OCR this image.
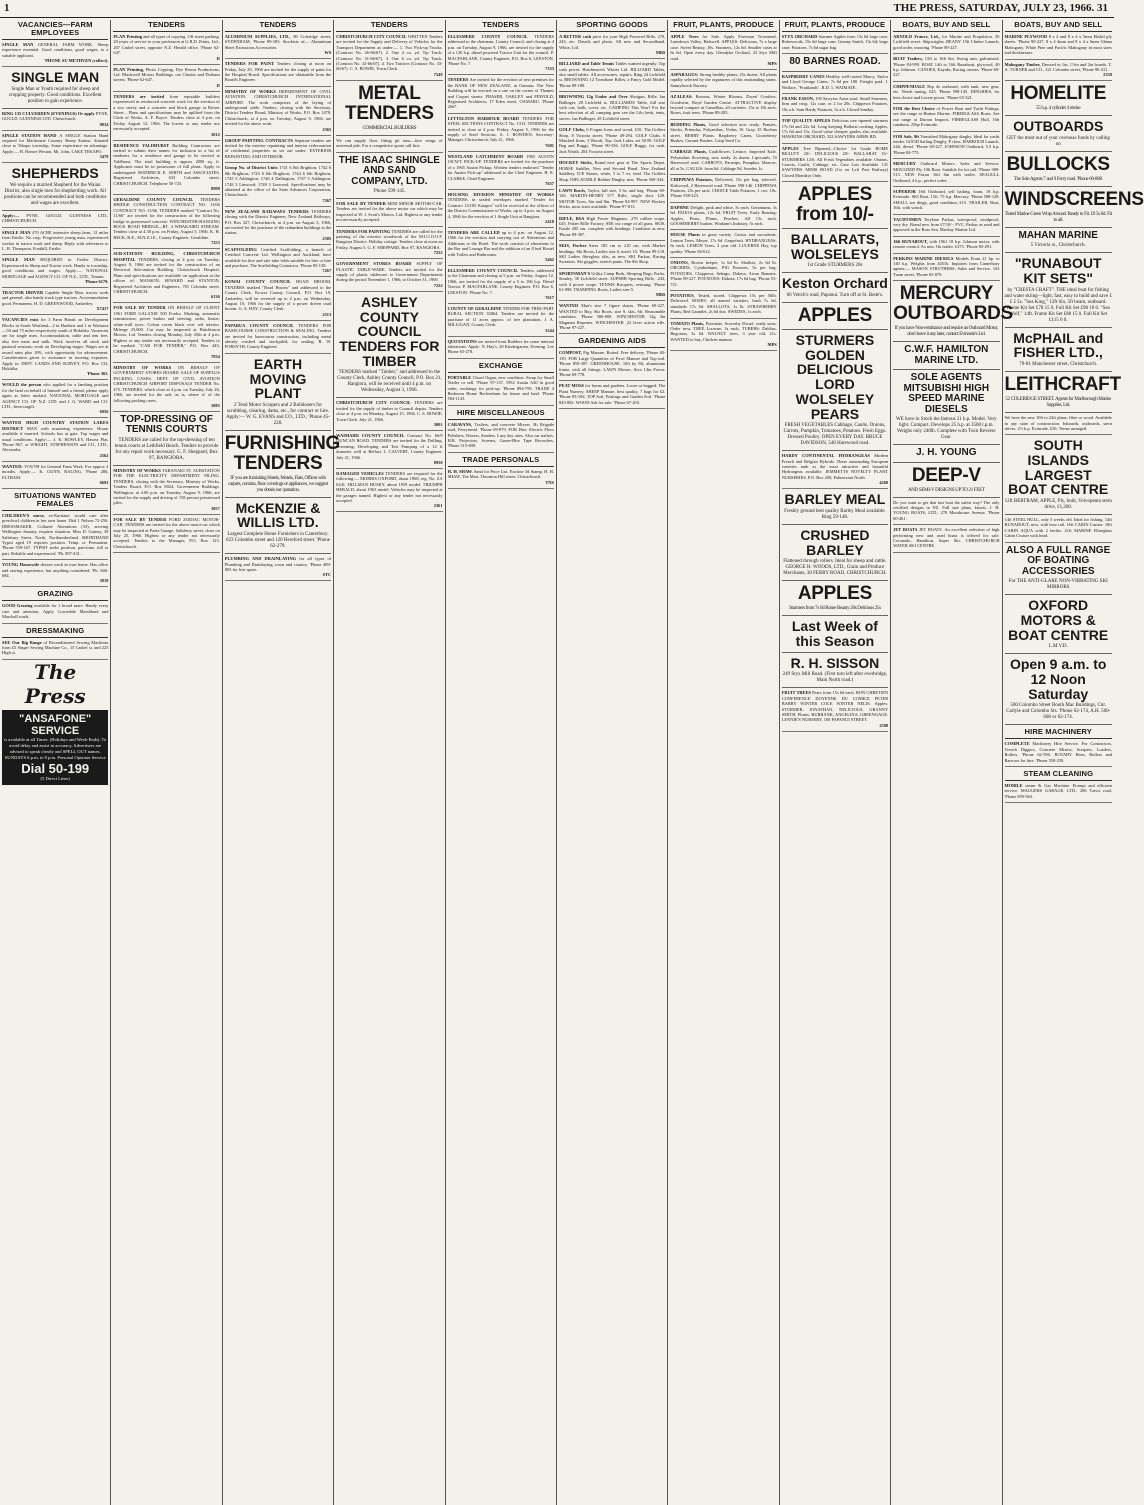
1	THE PRESS, SATURDAY, JULY 23, 1966. 31
VACANCIES—FARM EMPLOYEES

SINGLE MAN GENERAL FARM WORK. Sheep experience essential. Good conditions, good wages, to a suitable applicant.

'PHONE SU METHVEN (collect).
SINGLE MAN
Single Man or Youth required for sheep and cropping property. Good conditions. Excellent position to gain experience.

RING 135 CULVERDEN (EVENINGS) Or apply PYNE, GOULD, GUINNESS LTD. Christchurch.

9034

SINGLE STATION HAND A SINGLE Station Hand required for Mackenzie Country Sheep Station. Situated close to Tekapo township. Some experience an advantage. Apply:— H. Homer Weston, Mt. John, LAKE TEKAPO.

3479
SHEPHERDS
We require a married Shepherd for the Waiau District, also single men for shepherding work. All positions can be recommended and both conditions and wages are excellent.

Apply:— PYNE, GOULD, GUINNESS LTD., CHRISTCHURCH.

SINGLE MAN 470 ACRE intensive sheep farm, 12 miles from Fairlie. No crop. Progressive young man, experienced worker in tractor work and sheep. Reply with references to L. B. Thompson, Fonthill, Fairlie.

SINGLE MAN REQUIRED in Fairlie District. Experienced in Sheep and Tractor work. Handy to township, good conditions and wages. Apply:— NATIONAL MORTGAGE and AGENCY CO. OF N.Z., LTD., Timaru.

'Phone 6179.

TRACTOR DRIVER Capable Single Man, tractor work and general, also handy truck type tractors. Accommodation good. Permanent. H. D. GREENWOOD, Amberley.

X7417

VACANCIES exist for 3 Farm Hands on Development Blocks in South Westland—2 in Haribert and 1 in Waitaroa—50 and 75 miles respectively south of Hokitika. Vacancies are for single men. Accommodation, cable and tent free, also free meat and milk. Work involves all stock and pastoral sessions; work on Developing stages. Wages are at award rates plus 10%, with opportunity for advancement. Consideration given to assistance in moving expenses. Apply to: DEPT. LANDS AND SURVEY, P.O. Box 133, Hokitika.

'Phone 365.

WOULD the person who applied for a lambing position for the land on behalf of himself and a friend, please apply again as letter mislaid. NATIONAL MORTGAGE and AGENCY CO. OF N.Z. LTD. and J. G. WARD and CO. LTD., Invercargill.

6956

WANTED HIGH COUNTRY STATION LAKES DISTRICT MAN with mustering experience. House available if married. Schools bus at gate. Top wages and usual conditions. Apply:— J. K. ROWLEY, Hawea Flat, 'Phone 867, or WRIGHT, STEPHENSON and CO., LTD., Alexandra.

2562

WANTED: YOUTH for General Farm Work. For approx 3 months. Apply:— K. GUNN, RALING, 'Phone 286, ELTHAM.

6692
SITUATIONS WANTED FEMALES

CHILDREN'S nurse, ex-Karitane, would care after preschool children in her own home. Dial 1 Nelson 72-256. DRESSMAKER, Collared Alterations (33), arriving Wellington January, requires situation. Miss D. Gurney, 38 Salisbury Street, North, Northumberland. SHORTHAND Typist aged 19 requires position. Temp. or Permanent. 'Phone 559-167. TYPIST seeks position, part-time, full or part. Reliable and experienced. 'Ph. 897-431.

YOUNG Housewife desires work in own home. Has office and sewing experience, but anything considered. 'Ph. 846-684.

3818
GRAZING

GOOD Grazing available for 1 brood mare. Handy every care and attention. Apply Corriedale Marshland and Marchall roads.

DRESSMAKING

SEE Our Big Range of Reconditioned Sewing Machines from £5 Singer Sewing Machine Co., 15 Cashel st. and 225 High st.

The Press
"ANSAFONE" SERVICE
is available at all Times. (Holidays and Week-Ends). To avoid delay and assist in accuracy, Advertisers are advised to speak clearly and SPELL OUT names. SUNDAYS 6 p.m. to 9 p.m. Personal Operator Service
Dial 50-199
(5 Direct Lines)
TENDERS

PLAN Printing and all types of copying. Off street parking. 20 years of service to your profession at G.B.D. Prints, Ltd., 267 Cashel street, opposite N.Z. Herald office. 'Phone 62-647.

D

PLAN Printing, Photo Copying, Dye Reson Productions, Ltd. Blackwell Motors Buildings, cnr Chester and Durham streets. 'Phone 62-647.

D

TENDERS are invited from reputable builders experienced in reinforced concrete work for the erection of a two storey and a concrete and block garage at Bower Street... Plans and specifications may be uplifted from the Clerk of Works, A. F. Boyce. Tenders close at 4 p.m. on Friday, August 12, 1966. The lowest or any tender not necessarily accepted.

3012

RESIDENCE YALDHURST Building Contractors are invited to submit their names for inclusion in a list of tenderers for a residence and garage to be erected at Yaldhurst. The total building is approx 2000 sq. ft. Applicants must be in possession of full plans. Apply to undersigned: RODERICK E. SMITH and ASSOCIATES, Registered Architects, 633 Colombo street, CHRISTCHURCH. Telephone 50-725.

8998

GERALDINE COUNTY COUNCIL TENDERS BRIDGE CONSTRUCTION CONTRACT NO. 11/66 CONTRACT NO. 11/66. TENDERS marked "Contract No. 11/66" are invited for the construction of the following bridge in prestressed concrete: WINCHESTER-HANGING ROCK ROAD BRIDGE—RT. 4 WHAKAIRO STREAM. Tenders close at 4.30 p.m. on Friday, August 5, 1966. K. H. BECK, B.E., M.N.Z.I.E., County Engineer, Geraldine.

7253

SUB-STATION BUILDING, CHRISTCHURCH HOSPITAL TENDERS, closing at 4 p.m. on Tuesday, August 9, 1966 are invited for the construction of an Electrical Sub-station Building, Christchurch Hospital. Plans and specifications are available on application at the offices of: MANSON, SEWARD and STANTON, Registered Architects and Engineers, 701 Colombo street, CHRISTCHURCH.

6136

FOR SALE BY TENDER ON BEHALF OF CLIENT 1961 FORD GALAXIE 500 Fordor. Marking, automatic transmission, power brakes and steering, radio, heater, white-wall tyres. Colour raven black over red interior. Mileage 25,000. Car may be inspected at Hutchinson Motors, Ltd. Tenders closing Monday, July 25th at 4 p.m. Highest or any tender not necessarily accepted. Tenders to be marked: "CAR FOR TENDER," P.O. Box 445, CHRISTCHURCH.

7834

MINISTRY OF WORKS ON BEHALF OF GOVERNMENT STORES BOARD. SALE OF SURPLUS PACKING CASES. DEPT. OF CIVIL AVIATION CHRISTCHURCH AIRPORT DISPOSALS TENDER No. 475. TENDERS, which close at 4 p.m. on Tuesday, July 26, 1966, are invited for the sale 'as is, where is' of the following packing cases.

3085
TOP-DRESSING OF TENNIS COURTS
TENDERS are called for the top-dressing of ten tennis courts at Lethfield Beach. Tenders to provide for any repair work necessary. G. F. Sheppard, Box 97, BANGIORA.

MINISTRY OF WORKS TARANAKI ST. SUBSTATION FOR THE ELECTRICITY DEPARTMENT PILING. TENDERS, closing with the Secretary, Ministry of Works, Tenders Board, P.O. Box 8024, Government Buildings, Wellington, at 4.00 p.m. on Tuesday, August 9, 1966, are invited for the supply and driving of 158 precast prestressed piles.

3057

FOR SALE BY TENDER FORD ZODIAC MOTOR-CAR. TENDERS are invited for the above motor-car which may be inspected at Parks Garage, Salisbury street, close on July 25, 1966. Highest or any tender not necessarily accepted. Tenders to the Manager, P.O. Box 123, Christchurch.

TENDERS

ALUMINIUM SUPPLIES, LTD., 80 Coleridge street, SYDENHAM, 'Phone 89-183. Stockists of— Aluminium Sheet Extrusions Accessories.

WS

TENDERS FOR PAINT Tenders closing at noon on Friday, July 29, 1966 are invited for the supply of paint for the Hospital Board. Specifications are obtainable from the Board's Engineer.

MINISTRY OF WORKS DEPARTMENT OF CIVIL AVIATION. CHRISTCHURCH INTERNATIONAL AIRPORT. The work comprises of the laying of underground cable. Tenders, closing with the Secretary, District Tenders Board, Ministry of Works, P.O. Box 1479, Christchurch, at 4 p.m. on Tuesday, August 9, 1966, are invited for the above work.

2565

GROUP PAINTING CONTRACTS Separate tenders are invited for the exterior repainting and interior redecoration of residential properties as set out under: EXTERIOR REPAINTING AND INTERIOR.

Group No. of District Units 1741 6 8th Brighton; 1742 6 8th Brighton; 1743 6 6th Brighton; 1744 6 6th Brighton; 1745 5 Addington; 1746 4 Dallington; 1747 5 Addington; 1748 3 Linwood; 1749 3 Linwood. Specifications may be obtained at the office of the State Advances Corporation, Christchurch.

7267

NEW ZEALAND RAILWAYS TENDERS TENDERS closing with the District Engineer, New Zealand Railways, P.O. Box 327, Christchurch, at 4 p.m. on August 3, 1966, are invited for the purchase of the redundant buildings at the station.

2505

SCAFFOLDING Certified Scaffolding, a branch of Certified Concrete Ltd. Wellington and Auckland, have available for hire and sale tube folds suitable for hire or hire and purchase. The Scaffolding Contractor. 'Phone 85-138.

7267

KOWAI COUNTY COUNCIL ROAD BROOM. TENDERS marked "Road Broom" and addressed to the County Clerk, Kowai County Council, P.O. Box 19, Amberley, will be received up to 4 p.m. on Wednesday, August 10, 1966 for the supply of a power driven road broom. G. A. HAY, County Clerk.

2513

PAPARUA COUNTY COUNCIL TENDERS FOR BASECOURSE CONSTRUCTION & SEALING. Tenders are invited for basecourse construction, including metal already crushed and stockpiled, for sealing. R. W. FORSYTH, County Engineer.

EARTH MOVING PLANT
2 Tend Motor Scrapers and 2 Bulldozers for scrubbing, clearing, dams, etc., for contract or hire. Apply:— W. G. EVANS and CO., LTD., 'Phone 45-228.
FURNISHING TENDERS
IF you are furnishing Hotels, Motels, Flats, Offices with carpets, curtains, floor coverings or appliances, we suggest you obtain our quotation.
McKENZIE & WILLIS LTD.
Largest Complete Home Furnishers in Canterbury. 623 Colombo street and 120 Hereford street. 'Phone 62-279.

PLUMBING AND DRAINLAYING for all types of Plumbing and Drainlaying, town and country. 'Phone 489-803 for free quote.

STC
TENDERS

CHRISTCHURCH CITY COUNCIL WRITTEN Tenders are invited for the Supply and Delivery of Vehicles for the Transport Department as under:— 1. Two Pick-up Trucks. (Contract No. 26-66/67). 2. One 4 cu. yd. Tip Truck. (Contract No. 31-66/67). 3. One 6 cu. yd. Tip Truck. (Contract No. 32-66/67). 4. Two Tractors (Contract No. 33-66/67). C. S. BOWIE, Town Clerk.

7549
METAL TENDERS
COMMERCIAL BUILDERS

We can supply floor fitting pit runs—face wings of universal pile. For a competitive quote call first.

THE ISAAC SHINGLE AND SAND COMPANY, LTD.
'Phone 599-145.

FOR SALE BY TENDER MINI MINOR MOTOR-CAR. Tenders are invited for the above motor car which may be inspected at W. J. Scott's Motors, Ltd. Highest or any tender not necessarily accepted.

TENDERS FOR PAINTING TENDERS are called for the painting of the exterior woodwork of the M.U.I.O.O.F. Rangiora District. Holiday cottage. Tenders close at noon on Friday, August 5. G. F. SHEPPARD, Box 97, RANGIORA.

7252

GOVERNMENT STORES BOARD SUPPLY OF PLASTIC TABLE-WARE. Tenders are invited for the supply of plastic tableware to Government Departments during the period November 1, 1966, to October 31, 1969.

7252
ASHLEY COUNTY COUNCIL TENDERS FOR TIMBER
TENDERS marked "Timber," and addressed to the County Clerk, Ashley County Council, P.O. Box 21, Rangiora, will be received until 4 p.m. on Wednesday, August 3, 1966.

CHRISTCHURCH CITY COUNCIL TENDERS are invited for the supply of timber to Council depots. Tenders close at 4 p.m. on Monday, August 15, 1966. C. S. BOWIE, Town Clerk. July 21, 1966.

3001

WAIMAIRI COUNTY COUNCIL Contract No. 66/9 DUNCAN ROAD. TENDERS are invited for the Drilling, Screening, Developing and Test Pumping of a 12 ft diameter well at Belfast. I. CALVERT, County Engineer. July 21, 1966.

8950

DAMAGED VEHICLES TENDERS are required for the following:— MORRIS OXFORD, about 1960, reg. No. ZA 6241. HILLMAN HUSKY, about 1959 model. TRIUMPH HERALD, about 1963 model. Vehicles may be inspected at the garages named. Highest or any tender not necessarily accepted.

2361
TENDERS

ELLESMERE COUNTY COUNCIL TENDERS addressed to the chairman, County Council, and closing at 4 p.m. on Tuesday, August 9, 1966, are invited for the supply of a 120 h.p. diesel powered Tractor Unit for the council. P. MACFARLANE, County Engineer, P.O. Box 6, LEESTON. 'Phone No. 7.

7353

TENDERS Are invited for the erection of new premises for the BANK OF NEW ZEALAND, in Oamaru. The New Building will be erected on a site on the corner of Thames and Coquet streets. FRASER, OAKLEY and PINFOLD, Registered Architects, 17 Eden street, OAMARU. 'Phone 2667.

LYTTELTON HARBOUR BOARD TENDERS FOR STEEL SECTIONS CONTRACT No. 1313. TENDERS are invited to close at 4 p.m. Friday, August 5, 1966 for the supply of Steel Sections. A. J. BOWDEN, Secretary-Manager. Christchurch, July 21, 1966.

7601

WESTLAND CATCHMENT BOARD 1965 AUSTIN 10CWT. PICK-UP. TENDERS are invited for the purchase of a 1965 Austin Pickup. Written tenders endorsed "Tender for Austin Pick-up" addressed to the Chief Engineer. H. E. CLARKE, Chief Engineer.

7657

HOUSING DIVISION MINISTRY OF WORKS TENDERS, in sealed envelopes marked "Tender for Contract 13/185 Kaiapoi" will be received at the offices of the District Commissioner of Works, up to 4 p.m. on August 4, 1966 for the erection of 1 Single Unit at Rangiora.

2418

TENDERS ARE CALLED up to 4 p.m. on August 12, 1966 for the erection and carrying out of Alterations and Additions to the Hotel. The work consists of alterations to the Bar and Lounge Bar and the addition of an 8 bed Hostel with Toilets and Bathrooms.

5462

ELLESMERE COUNTY COUNCIL Tenders, addressed to the Chairman and closing at 5 p.m. on Friday, August 12, 1966, are invited for the supply of a 5 to 106 h.p. Diesel Tractor. P. MACFARLANE, County Engineer, P.O. Box 6, LEESTON. 'Phone No. 7.

7617

COUNTY OF GERALDINE TENDER FOR TREE-PART RURAL SECTION 33064. Tenders are invited for the purchase of 11 acres approx. of tree plantation. J. A. MILLIGAN, County Clerk.

3344

QUOTATIONS are invited from Builders for some internal alterations. Apply: N. Hay's, 20 Kindergarten, Evening. Lee Phone 65-278.

EXCHANGE

PORTABLE Chord Organ, new condition. Swap for Small Trailer or sell. 'Phone 97-137. 1952 Austin A40 in good order, exchange for pick-up. 'Phone 894-799. TRADE 4 Bedroom Home Beckenham for house and land. 'Phone 584-1125.

HIRE MISCELLANEOUS

CARAVANS, Trailers, and concrete Mixers. Hi Brigade road, Ferrymead. 'Phone 69-879. FOR Hire. Electric Floor Polishers, Waxers, Sanders. Lazy day rates. Also car trailers. H.R. Projectors, Screens, Gruen-Hire Tape Recorders. 'Phone 515-698.

TRADE PERSONALS

H. H. SHAW. Sand for Price List. Enclose 3d Stamp. H. H. SHAW, The Mart, Thornton Hill street, Christchurch.

TNS
SPORTING GOODS

A BETTER cash price for your High Powered Rifle, 270, 243, etc. Details and photo. All new and Secondhand. White, Ltd.

MBS

BILLIARD and Table Tennis Tables wanted urgently. Top cash prices. Hutchinson's Winter Ltd. BILLIARD Tables, also small tables. All accessories, repairs. Ring 24 Lichfield st. BROWNING 12 Trombone Rifles, a Fancy Gold Model. 'Phone 89-188.

BROWNING 12g Under and Over Shotgun, Rifle, Ian Ballinger, 28 Lichfield st. BULLIARDS Table, full size with cue, balls, cover, etc. CAMPING This Year? For the best selection of all camping gear see the Lilo beds, tents, stoves. Ian Ballinger, 28 Lichfield street.

GOLF Clubs, 6 Forgan Irons and wood, £10. The Golfers Shop, 8 Victoria street. 'Phone 49-294. GOLF Clubs, 6 Matched Irons, 3 Woods. Top. Jack Laker, set 50.99. GOLF Bag and Buggy, 'Phone 90-356. GOLF Buggy, for cash. Jack Walsh, 204 Victoria street.

HOCKEY Sticks, Brand new gear at The Sports Depot. HORSE Saddles, New and Second Hand. New Zealand Saddlery. ICE Skates, white, 5 to 7 ex. tend. The Golfers Shop. INFLATABLE Rubber Dinghy, new. 'Phone 569-344.

LAWN Bowls, Taylor, full size, 3 6s. and bag. 'Phone 69-126. MARTIN-HENRY 577 Rifle, single shot, £20. MOTOR Tyres, 6in and 8in. 'Phone 84-997. NEW Hockey Sticks, most sizes available. 'Phone 97-813.

RIFLE, BSA High Power Magnum, .270 calibre scope. £45. Fisher Rifle Factory. SEE our range of all guns. SKIS, Kastle 205 cm, complete with bindings. Condition as new. 'Phone 89-387.

SKIS, Fischer Sizes 185 cm to 210 cm, with Marker bindings. Ski Boots, Ladies size 6, men's 10. 'Phone 89-118. SKI Ladies fibreglass skis, as new. SKI Parkas, Racing Sweaters. Ski goggles, stretch pants. The Ski Shop.

SPORTSMAN'S Utility Camp Beds, Sleeping Bags, Packs. Stanley, 38 Lichfield street. SUPERB Sporting Rifle, .243, with 4 power scope. TENNIS Racquets, restrung. 'Phone 61-098. TRAMPING Boots, Ladies size 5.

MBS

WANTED Man's size 7 figure skates. 'Phone 69-227. WANTED to Buy, Ski Boots, size 9, skis, 6ft. Reasonable condition. 'Phone 586-008. WINCHESTER 12g 3in Magnum Repeater. WINCHESTER .22 lever action rifle. 'Phone 97-227.

GARDENING AIDS

COMPOST, Pig Manure. Rotted. Free delivery. 'Phone 40-139. FOR Large Quantities of Fowl Manure and Top-soil. 'Phone 859-387. GREENHOUSE, 10ft by 8ft, aluminium frame, with all fittings. LAWN Mower, Atco 14in Power. 'Phone 69-778.

PEAT MOSS for lawns and gardens. Loose or bagged. The Plant Nursery. SHEEP Manure, best quality, 7 bags for £2. 'Phone 83-184. TOP Soil, Pealings and Garden Soil. 'Phone 845-882. WOOD Ash for sale. 'Phone 67-203.

FRUIT, PLANTS, PRODUCE

APPLE Trees for Sale. Apply Foreman Townsend, Lansdown Valley, Halswell. APPLES: Delicious, 7s a large case. Sweet Beauty, 10s. Sturmers, 12s 6d. Smaller cases at 6s 6d. Open every day. Glendyke Orchard, 23 Styx Mill road.

MPS

ASPARAGUS: Strong healthy plants, 25s dozen. All plants rapidly selected by the organizers of this outstanding strain. Sunnybrook Nursery.

AZALEAS: Brooms, Winter Blooms, Dwarf Conifers. Goodwins, Boyd Garden Centre. ATTRACTIVE display beyond compare in Camellias, all varieties. 15s to 18s each. Roses, fruit trees. 'Phone 89-283.

BEDDING Plants, Good selection now ready. Pansies, Stocks, Primulas, Polyanthus, Violas. W. Gray, 25 Buchan street. BERRY Plants. Raspberry Canes, Gooseberry Bushes, Currant Bushes. Crisp Seed Co.

CABBAGE Plants, Cauliflower, Lettuce, Imported Kale. Polyanthus flowering, now ready. 2s dozen. Lipscomb, 74 Harewood road. CARROTS, Parsnips, Pumpkin, Marrow, all at 5s. CAULIS: from 6d. Cabbage 9d, Swedes 1s.

CHIPPEWA Potatoes, Delivered, 15s per bag, selected. Kirkwood, 2 Harewood road. 'Phone 598-146. CHIPPEWA Potatoes, 25s per sack. CHOICE Table Potatoes, 1 cwt. 18s. 'Phone 558-223.

DAPHNE Delight, pink and white, 5s each. Geraniums, 3s 6d. FEIJOA plants, 12s 6d. FRUIT Trees, Early Bearing: Apples, Pears, Plums, Peaches. All 15s each. GOOSEBERRY bushes, Winham's Industry, 5s each.

HOUSE Plants in great variety. Cactus and succulents. Lemon Trees, Meyer, 17s 6d. Grapefruit. HYDRANGEAS, 6s each. LEMON Trees, 2 year old. LUCERNE Hay, top quality. 'Phone 84-612.

ONIONS, Brown keeper, 1s 6d lb. Shallots, 2s 6d lb. ORCHIDS, Cymbidiums. PIG Potatoes, 5s per bag. POTATOES, Chippewa, Sebago, Dakota, Arran Banners. 'Phone 89-227. POTATOES: Dakota, 17s 6d bag. 'Phone 53-721.

POTATOES, Tested, stored. Chippewa 15s per 56lb. Delivered. ROSES: all named varieties, bush 7s 6d, standards 17s 6d. SHALLOTS, 1s lb. STRAWBERRY Plants, Red Gauntlet, 2s 6d doz. SWEDES, 1s each.

TOMATO Plants, Potentate, Scoresby Dwarf, ready soon. Order now. TREE Lucerne, 3s each. TUBERS: Dahlias, Begonias, 3s 6d. WALNUT trees, 3 year old, 21s. WANTED to buy, Chicken manure.

MPS
FRUIT, PLANTS, PRODUCE

STYX ORCHARD Sturmer Apples from 13s 6d large case; Rokewoods, 15s 6d large case; Granny Smith, 13s 6d; large case; Potatoes, 7s 6d sugar bag.

80 BARNES ROAD.

RASPBERRY CANES Healthy well rooted Marcy, Taylor and Lloyd George Canes. 7s 6d per 100. Freight paid. J. Wallace, "Fruitlands", R.D. 1, WAIMATE.

FRANK ESSON, 190 Sawyers Arms road. Small Sturmers, firm and crisp, 12s case, or 2 for 20s. Chippewa Potatoes, 10s a.b. Sam Hardy Potatoes, 5s a.b. Closed Sunday.

TOP QUALITY APPLES Delicious tree ripened sturmers 17s 6d and 22s 6d. Long keeping Ballarat cooking Apples, 17s 6d and 15s. Good value cheaper grades also available. HAWKINS ORCHARD, 322 SAWYERS ARMS RD.

APPLES Tree Ripened—Choice 1st Grade ROME BEAUTY 20/- DELICIOUS 20/- BALLARAT 15/- STURMERS 12/6. All Fresh Vegetables available. Onions, Carrots, Caulis, Cabbage, etc. Case Lots Available. 131 SAWYERS ARMS ROAD (1st on Left Past Railway) Closed Mondays Only.

APPLES from 10/-
BALLARATS, WOLSELEYS
1st Grade STURMERS 20s
Keston Orchard
66 Veitch's road, Papanui. Turn off at St. Bede's.
APPLES
STURMERS GOLDEN DELICIOUS LORD WOLSELEY PEARS
FRESH VEGETABLES Cabbage, Caulis, Onions, Carrots, Pumpkin, Tomatoes, Potatoes. Fresh Eggs. Dressed Poultry. OPEN EVERY DAY. BRUCE DAVIDSON, 540 Harewood road.

HARDY CONTINENTAL HYDRANGEAS Modern French and Belgian Hybrids. These outstanding European varieties rank as the most attractive and beautiful Hydrangeas available. JEMMETTS NOVELTY PLANT NURSERIES, P.O. Box 208, Palmerston North.

4268
BARLEY MEAL
Freshly ground best quality Barley Meal available. Ring 59-148.
CRUSHED BARLEY
Flattened through rollers. Ideal for sheep and cattle. GEORGE H. WOODS, LTD., Grain and Produce Merchants, 30 FERRY ROAD, CHRISTCHURCH.
APPLES
Sturmers from 7s 6d Rome Beauty 20s Delicious 25s
Last Week of this Season
R. H. SISSON
249 Styx Mill Road. (First turn left after overbridge, Main North road.)

FRUIT TREES Pears from 15s 6d each. BON CHRETIEN CONFERENCE DOYENNE DU COMICE PETER BARRY WINTER COLE WINTER NELIS. Apples: STURMER, JONATHAN, DELICIOUS, GRANNY SMITH. Plums: BURBANK, ANGELINA, GREENGAGE. LENNIE'S NURSERY, 100 PAPANUI STREET.

2508
BOATS, BUY AND SELL

ARNOLD France, Ltd., for Marine and Propulsion. 50 Lichfield street. Shipwrights. BEANY 15ft Clinker Launch, good order, mooring. 'Phone 89-227.

BOAT Trailers, 15ft to 16ft 6in. Swing arm, galvanised. 'Phone 84-999. BOAT 14ft to 16ft Runabout, plywood, 40 h.p. Johnson. CANOES, Kayaks, Racing canoes. 'Phone 69-227.

CHIPPENDALE 8hp 4s outboard, with tank, new gear, etc. Needs tuning, £25. 'Phone 598-145. DINGHIES, for best choice and lowest prices. 'Phone 65-321.

FOR the Best Choice of Power Boat and Yacht Fittings, see the range at Hutton Marine. FIBERGLASS Boats. See our range at Dacron Imports. FIBREGLASS Hull, 16ft runabout, 25hp Evinrude.

FOR Sale, 9ft Varnished Mahogany dinghy. Ideal for yacht tender. GOOD Sailing Dinghy, P class. HARBOUR Launch, 24ft, diesel. 'Phone 69-227. JOHNSON Outboard, 5.5 h.p. 'Phone 84-775.

MERCURY Outboard Motors. Sales and Service. MOULDED Ply 10ft Boat. Suitable for lot sail. 'Phone 388-513. NEW Paxon 16ft 6in with trailer. SEAGULL Outboard, 4 h.p., perfect order.

SUPERIOR 16ft Outboard, self bailing, foam, 18 h.p. Evinrude. SKI Boat, 15ft. 75 h.p. Mercury. 'Phone 588-128. SMALL sea dingy, good condition, £15. TRAILER, Boat, 16ft, with winch.

YACHTSMEN Terylene Parkas, waterproof, windproof, very dry. Brand new from £7/10/-. PVC, Parkas as used and approved in the Ross Sea, Mackay Marine Ltd.

16ft RUNABOUT, with 1961 18 h.p. Johnson motor, with remote control. As new. On trailer. £375. 'Phone 85-291.

PERKINS MARINE DIESELS Models From 21 hp. to 140 h.p. Weights from 4451b. Inquiries from Canterbury agents:— MASON STRUTHERS, Sales and Service, 163 Tuam street, 'Phone 65-079.

MERCURY OUTBOARDS
If you have Non-remittance and require an Outboard Motor, don't leave it any later, contact Evinrude's Ltd.
C.W.F. HAMILTON MARINE LTD.
SOLE AGENTS MITSUBISHI HIGH SPEED MARINE DIESELS
WE have in Stock the famous 21 h.p. Model. Very light. Compact. Develops 25 h.p. at 3500 r.p.m. Weighs only 240lb. Complete with Twin Reverse Gear.
J. H. YOUNG
DEEP-V
AND SEMI-V DESIGNS UP TO 21 FEET

Do you want to get that fast boat the safest way? The only certified designs in NZ. Full size plans, kitsets. J. H. YOUNG BOATS, LTD., 270 Moorhouse Avenue, 'Phone 60-461.

JET BOATS JET BOATS. An excellent selection of high performing new and used boats is offered for sale. Coronado, Hamilton, Super Ski. CHRISTCHURCH WATER SKI CENTRE.

BOATS, BUY AND SELL

MARINE PLYWOOD 8 x 4 and 8 x 4 x 5mm Ekskil ply sheets. 'Phone 90-227. 8 x 4 4mm and 8 x 4 x 6mm Ghana Mahogany. White Pine and Pacific Mahogany in most sizes and thicknesses.

Mahogany Timber, Dressed in 1in, 1½in and 2in boards. T. A. TURNER and CO., 321 Colombo street, 'Phone 90-411.

2339
HOMELITE
55 h.p. 4 cylinder 4 stroke
OUTBOARDS
GET the most out of your overseas funds by calling on
BULLOCKS
The Sole Agents 7 and 9 Ferry road. 'Phone 60-888.
WINDSCREENS
Tinted Marine Green Wrap Around. Ready to Fit. £9 5s 6d. Fit to all.
MAHAN MARINE
5 Victoria st., Christchurch.
"RUNABOUT KIT SETS"
by "CRESTA CRAFT". THE ideal boat for fishing and water skiing—light, fast, easy to build and save £ £ £ £s. "Sea King," 12ft 6in, 5ft beam, outboard. Frame Kit Set £78 15 0. Full Kit Set £98 10 0. "Sea Wolf," 14ft. Frame Kit Set £88 15 0. Full Kit Set £115 0 0.
McPHAIL and FISHER LTD.,
79-81 Manchester street, Christchurch.
LEITHCRAFT
52 COLERIDGE STREET. Agents for Marlborough Marine Supplies, Ltd.

We have the new 10ft to 22ft plane, fibre or wood. Available in any state of construction. Inboards, outboards, stern drives. 2½ h.p. Evinrude, £56. Terms arranged.

SOUTH ISLANDS LARGEST BOAT CENTRE
12ft BERTRAM, APPLE, Ply, built, Volvopenta stern drive, £1,200.

14ft STEEL HULL, only 5 weeks old. Ideal for fishing. 14ft RUNABOUT, new, with bow rail. 16ft CABIN Cruiser. 18ft CABIN AQUA with 2 berths. 21ft MARINE Fibreglass Cabin Cruiser with head.

ALSO A FULL RANGE OF BOATING ACCESSORIES
For THE ANTI-GLARE NON-VIBRATING SKI MIRRORS
OXFORD MOTORS & BOAT CENTRE
L.M.V.D.
Open 9 a.m. to 12 Noon Saturday
500 Colombo Street Booth Mac Buildings, Cnr. Carlyle and Colombo Sts. 'Phone 62-174, A.H. 560-668 or 62-174.
HIRE MACHINERY

COMPLETE Machinery Hire Service. For Contractors, Trench Diggers, Concrete Mixers, Scrapers, Loaders, Rollers. 'Phone 62-596. ROTARY Hoes, Rollers and Barrows for hire. 'Phone 558-239.

STEAM CLEANING

MOBILE steam & Gas Machine. Prompt and efficient service. MAUGERS GARAGE, LTD., 286 Travis road, 'Phone 859-563.
